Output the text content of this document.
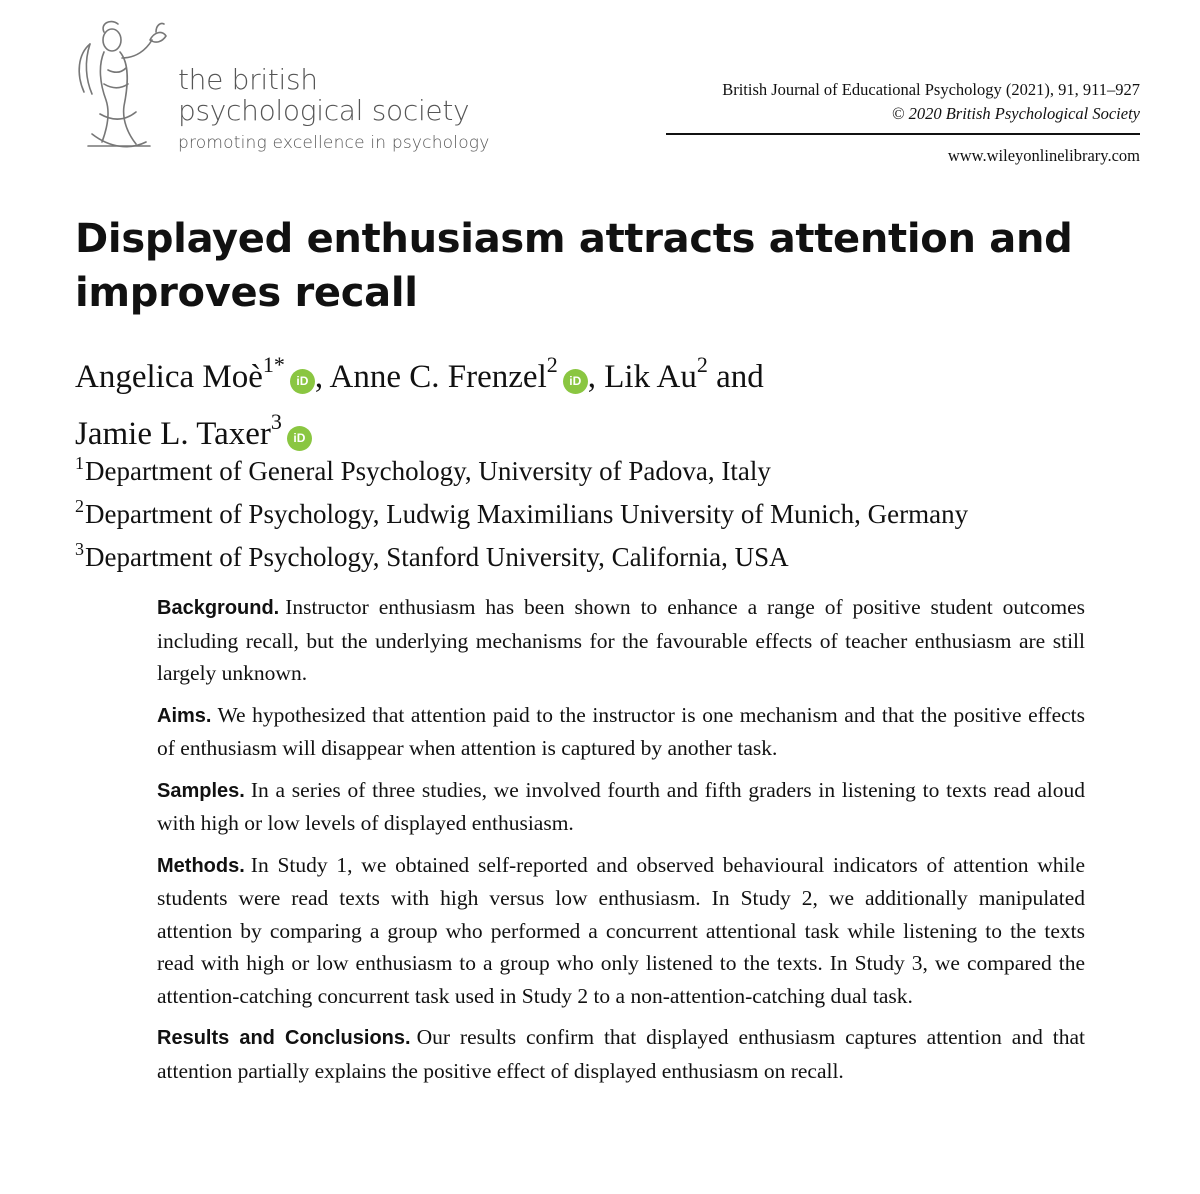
the british
psychological society
promoting excellence in psychology
British Journal of Educational Psychology (2021), 91, 911–927
© 2020 British Psychological Society
www.wileyonlinelibrary.com
Displayed enthusiasm attracts attention and improves recall
Angelica Moè$^{1*}$iD , Anne C. Frenzel$^2$iD , Lik Au$^2$ and
Jamie L. Taxer$^3$iD
$^1$Department of General Psychology, University of Padova, Italy
$^2$Department of Psychology, Ludwig Maximilians University of Munich, Germany
$^3$Department of Psychology, Stanford University, California, USA

Background. Instructor enthusiasm has been shown to enhance a range of positive student outcomes including recall, but the underlying mechanisms for the favourable effects of teacher enthusiasm are still largely unknown.

Aims. We hypothesized that attention paid to the instructor is one mechanism and that the positive effects of enthusiasm will disappear when attention is captured by another task.

Samples. In a series of three studies, we involved fourth and fifth graders in listening to texts read aloud with high or low levels of displayed enthusiasm.

Methods. In Study 1, we obtained self-reported and observed behavioural indicators of attention while students were read texts with high versus low enthusiasm. In Study 2, we additionally manipulated attention by comparing a group who performed a concurrent attentional task while listening to the texts read with high or low enthusiasm to a group who only listened to the texts. In Study 3, we compared the attention-catching concurrent task used in Study 2 to a non-attention-catching dual task.

Results and Conclusions. Our results confirm that displayed enthusiasm captures attention and that attention partially explains the positive effect of displayed enthusiasm on recall.
